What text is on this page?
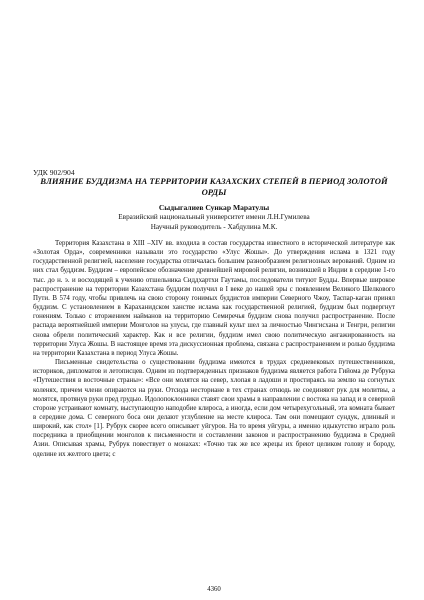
УДК 902/904
ВЛИЯНИЕ БУДДИЗМА НА ТЕРРИТОРИИ КАЗАХСКИХ СТЕПЕЙ В ПЕРИОД ЗОЛОТОЙ ОРДЫ
Сыдыгалиев Сункар Маратулы
Евразийский национальный университет имени Л.Н.Гумилева
Научный руководитель - Хабдулина М.К.

Территория Казахстана в XIII –XIV вв. входила в состав государства известного в исторической литературе как «Золотая Орда», современники называли это государство «Улус Жошы». До утверждения ислама в 1321 году государственной религией, население государства отличалась большим разнообразием религиозных верований. Одним из них стал буддизм. Буддизм – европейское обозначение древнейшей мировой религии, возникшей в Индии в середине 1-го тыс. до н. э. и восходящей к учению отшельника Сиддхартхи Гаутамы, последователи титуют Будды. Впервые широкое распространение на территории Казахстана буддизм получил в I веке до нашей эры с появлением Великого Шелкового Пути. В 574 году, чтобы привлечь на свою сторону гонимых буддистов империи Северного Чжоу, Таспар-каган принял буддизм. С установлением в Караханидском ханстве ислама как государственной религией, буддизм был подвергнут гонениям. Только с вторжением найманов на территорию Семиречья буддизм снова получил распространение. После распада вероятнейшей империи Монголов на улусы, где главный культ шел за личностью Чингисхана и Тенгри, религии снова обрели политический характер. Как и все религии, буддизм имел свою политическую ангажированность на территории Улуса Жошы. В настоящее время эта дискуссионная проблема, связана с распространением и ролью буддизма на территории Казахстана в период Улуса Жошы.

Письменные свидетельства о существовании буддизма имеются в трудах средневековых путешественников, историков, дипломатов и летописцев. Одним из подтвержденных признаков буддизма является работа Гийома де Рубрука «Путешествия в восточные страны»: «Все они молятся на север, хлопая в ладоши и простираясь на землю на согнутых коленях, причем члени опираются на руки. Отсюда несториане в тех странах отнюдь не соединяют рук для молитвы, а молятся, протянув руки пред грудью. Идолопоклонники ставят свои храмы в направлении с востока на запад и в северной стороне устраивают комнату, выступающую наподобие клироса, а иногда, если дом четырехугольный, эта комната бывает в середине дома. С северного боса они делают углубление на месте клироса. Там они помещают сундук, длинный и широкий, как стол» [1]. Рубрук скорее всего описывает уйгуров. На то время уйгуры, а именно идыкутство играло роль посредника в приобщении монголов к письменности и составлении законов и распространению буддизма в Средней Азии. Описывая храмы, Рубрук повествует о монахах: «Точно так же все жрецы их бреют целиком голову и бороду, оделине их желтого цвета; с

4360
